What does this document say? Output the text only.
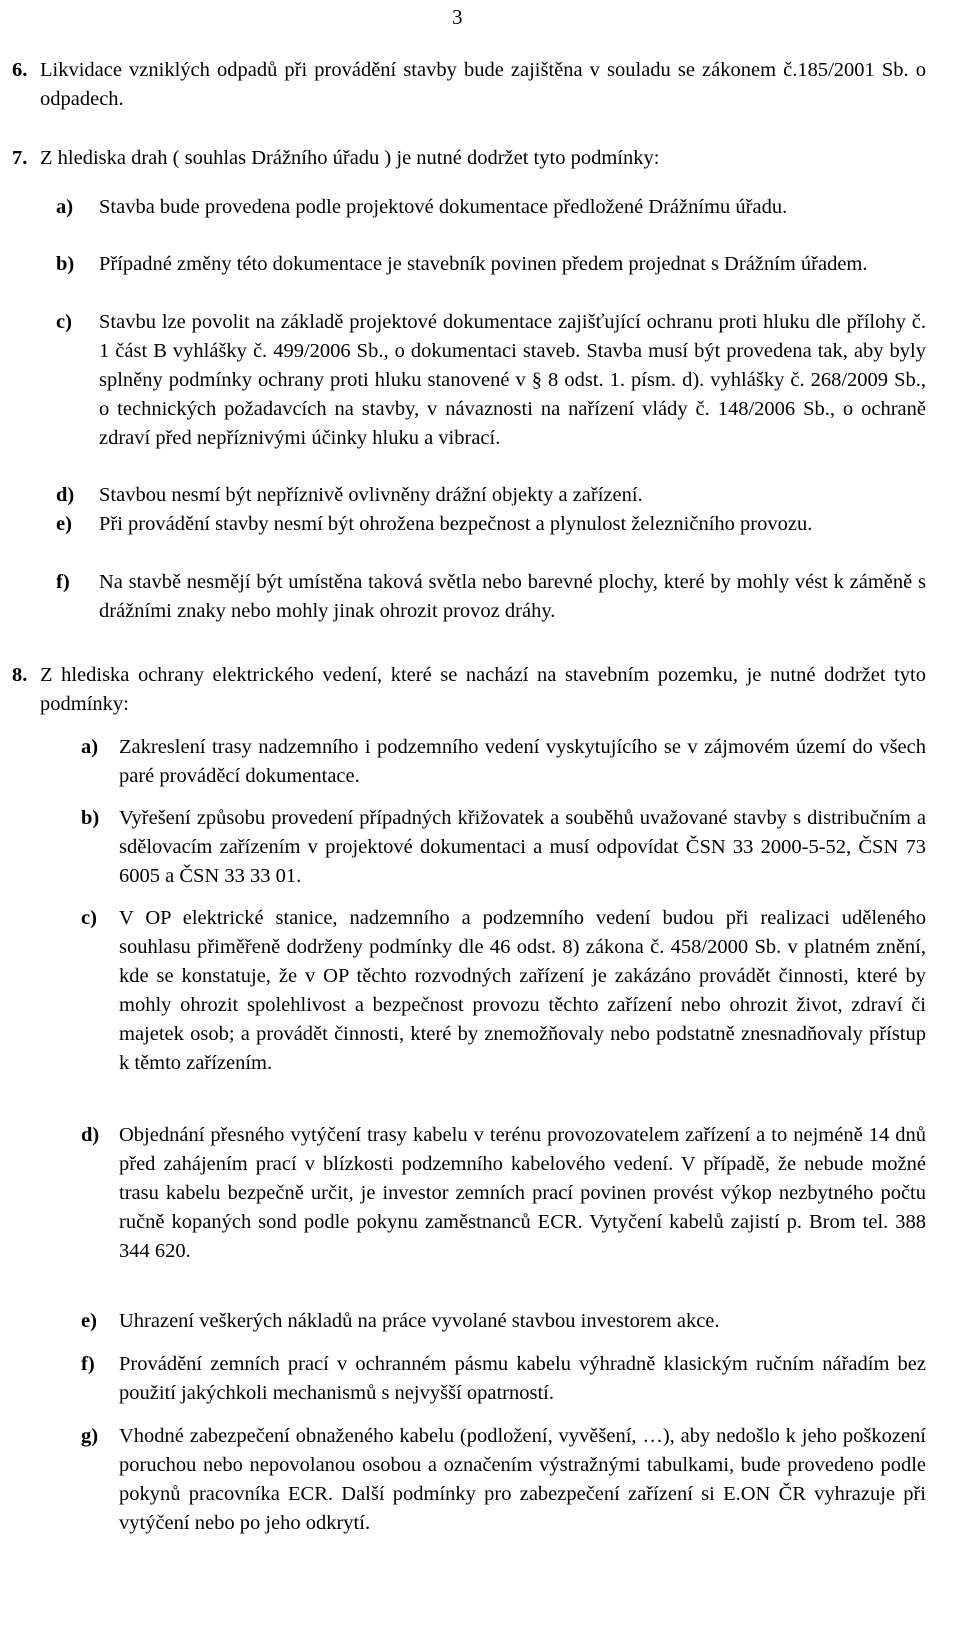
3
6. Likvidace vzniklých odpadů při provádění stavby bude zajištěna v souladu se zákonem č.185/2001 Sb. o odpadech.

7. Z hlediska drah ( souhlas Drážního úřadu ) je nutné dodržet tyto podmínky:

a) Stavba bude provedena podle projektové dokumentace předložené Drážnímu úřadu.
b) Případné změny této dokumentace je stavebník povinen předem projednat s Drážním úřadem.
c) Stavbu lze povolit na základě projektové dokumentace zajišťující ochranu proti hluku dle přílohy č. 1 část B vyhlášky č. 499/2006 Sb., o dokumentaci staveb. Stavba musí být provedena tak, aby byly splněny podmínky ochrany proti hluku stanovené v § 8 odst. 1. písm. d). vyhlášky č. 268/2009 Sb., o technických požadavcích na stavby, v návaznosti na nařízení vlády č. 148/2006 Sb., o ochraně zdraví před nepříznivými účinky hluku a vibrací.
d) Stavbou nesmí být nepříznivě ovlivněny drážní objekty a zařízení.
e) Při provádění stavby nesmí být ohrožena bezpečnost a plynulost železničního provozu.
f) Na stavbě nesmějí být umístěna taková světla nebo barevné plochy, které by mohly vést k záměně s drážními znaky nebo mohly jinak ohrozit provoz dráhy.
8. Z hlediska ochrany elektrického vedení, které se nachází na stavebním pozemku, je nutné dodržet tyto podmínky:

a) Zakreslení trasy nadzemního i podzemního vedení vyskytujícího se v zájmovém území do všech paré prováděcí dokumentace.
b) Vyřešení způsobu provedení případných křižovatek a souběhů uvažované stavby s distribučním a sdělovacím zařízením v projektové dokumentaci a musí odpovídat ČSN 33 2000-5-52, ČSN 73 6005 a ČSN 33 33 01.
c) V OP elektrické stanice, nadzemního a podzemního vedení budou při realizaci uděleného souhlasu přiměřeně dodrženy podmínky dle 46 odst. 8) zákona č. 458/2000 Sb. v platném znění, kde se konstatuje, že v OP těchto rozvodných zařízení je zakázáno provádět činnosti, které by mohly ohrozit spolehlivost a bezpečnost provozu těchto zařízení nebo ohrozit život, zdraví či majetek osob; a provádět činnosti, které by znemožňovaly nebo podstatně znesnadňovaly přístup k těmto zařízením.
d) Objednání přesného vytýčení trasy kabelu v terénu provozovatelem zařízení a to nejméně 14 dnů před zahájením prací v blízkosti podzemního kabelového vedení. V případě, že nebude možné trasu kabelu bezpečně určit, je investor zemních prací povinen provést výkop nezbytného počtu ručně kopaných sond podle pokynu zaměstnanců ECR. Vytyčení kabelů zajistí p. Brom tel. 388 344 620.
e) Uhrazení veškerých nákladů na práce vyvolané stavbou investorem akce.
f) Provádění zemních prací v ochranném pásmu kabelu výhradně klasickým ručním nářadím bez použití jakýchkoli mechanismů s nejvyšší opatrností.
g) Vhodné zabezpečení obnaženého kabelu (podložení, vyvěšení, …), aby nedošlo k jeho poškození poruchou nebo nepovolanou osobou a označením výstražnými tabulkami, bude provedeno podle pokynů pracovníka ECR. Další podmínky pro zabezpečení zařízení si E.ON ČR vyhrazuje při vytýčení nebo po jeho odkrytí.
